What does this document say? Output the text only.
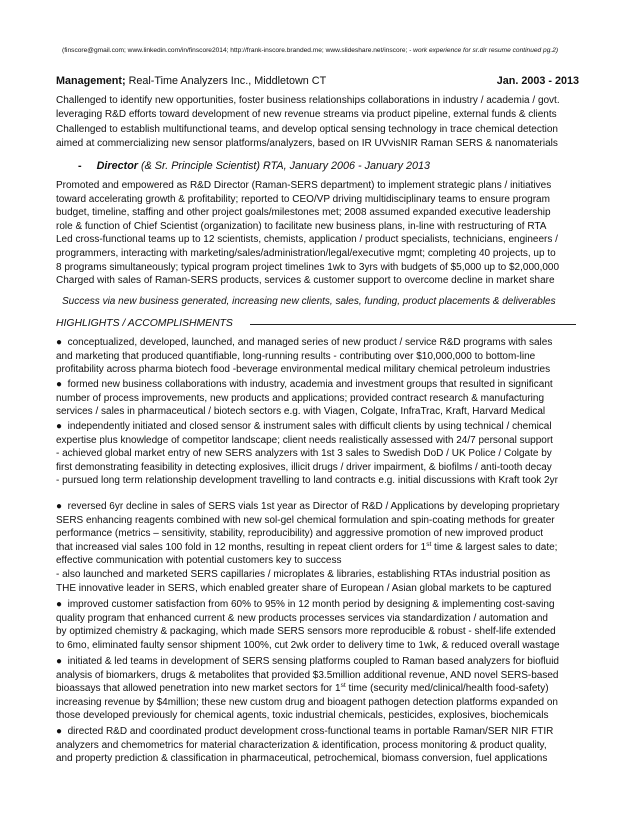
(finscore@gmail.com; www.linkedin.com/in/finscore2014; http://frank-inscore.branded.me; www.slideshare.net/inscore; - work experience for sr.dir resume continued pg.2)
Management; Real-Time Analyzers Inc., Middletown CT	Jan. 2003 - 2013
Challenged to identify new opportunities, foster business relationships collaborations in industry / academia / govt.
leveraging R&D efforts toward development of new revenue streams via product pipeline, external funds & clients
Challenged to establish multifunctional teams, and develop optical sensing technology in trace chemical detection
aimed at commercializing new sensor platforms/analyzers, based on IR UVvisNIR Raman SERS & nanomaterials
- Director (& Sr. Principle Scientist) RTA, January 2006 - January 2013
Promoted and empowered as R&D Director (Raman-SERS department) to implement strategic plans / initiatives
toward accelerating growth & profitability; reported to CEO/VP driving multidisciplinary teams to ensure program
budget, timeline, staffing and other project goals/milestones met; 2008 assumed expanded executive leadership
role & function of Chief Scientist (organization) to facilitate new business plans, in-line with restructuring of RTA
Led cross-functional teams up to 12 scientists, chemists, application / product specialists, technicians, engineers /
programmers, interacting with marketing/sales/administration/legal/executive mgmt; completing 40 projects, up to
8 programs simultaneously; typical program project timelines 1wk to 3yrs with budgets of $5,000 up to $2,000,000
Charged with sales of Raman-SERS products, services & customer support to overcome decline in market share
Success via new business generated, increasing new clients, sales, funding, product placements & deliverables
HIGHLIGHTS / ACCOMPLISHMENTS
● conceptualized, developed, launched, and managed series of new product / service R&D programs with sales
and marketing that produced quantifiable, long-running results - contributing over $10,000,000 to bottom-line
profitability across pharma biotech food -beverage environmental medical military chemical petroleum industries
● formed new business collaborations with industry, academia and investment groups that resulted in significant
number of process improvements, new products and applications; provided contract research & manufacturing
services / sales in pharmaceutical / biotech sectors e.g. with Viagen, Colgate, InfraTrac, Kraft, Harvard Medical
● independently initiated and closed sensor & instrument sales with difficult clients by using technical / chemical
expertise plus knowledge of competitor landscape; client needs realistically assessed with 24/7 personal support
- achieved global market entry of new SERS analyzers with 1st 3 sales to Swedish DoD / UK Police / Colgate by
first demonstrating feasibility in detecting explosives, illicit drugs / driver impairment, & biofilms / anti-tooth decay
- pursued long term relationship development travelling to land contracts e.g. initial discussions with Kraft took 2yr
● reversed 6yr decline in sales of SERS vials 1st year as Director of R&D / Applications by developing proprietary
SERS enhancing reagents combined with new sol-gel chemical formulation and spin-coating methods for greater
performance (metrics – sensitivity, stability, reproducibility) and aggressive promotion of new improved product
that increased vial sales 100 fold in 12 months, resulting in repeat client orders for 1st time & largest sales to date;
effective communication with potential customers key to success
- also launched and marketed SERS capillaries / microplates & libraries, establishing RTAs industrial position as
THE innovative leader in SERS, which enabled greater share of European / Asian global markets to be captured
● improved customer satisfaction from 60% to 95% in 12 month period by designing & implementing cost-saving
quality program that enhanced current & new products processes services via standardization / automation and
by optimized chemistry & packaging, which made SERS sensors more reproducible & robust - shelf-life extended
to 6mo, eliminated faulty sensor shipment 100%, cut 2wk order to delivery time to 1wk, & reduced overall wastage
● initiated & led teams in development of SERS sensing platforms coupled to Raman based analyzers for biofluid
analysis of biomarkers, drugs & metabolites that provided $3.5million additional revenue, AND novel SERS-based
bioassays that allowed penetration into new market sectors for 1st time (security med/clinical/health food-safety)
increasing revenue by $4million; these new custom drug and bioagent pathogen detection platforms expanded on
those developed previously for chemical agents, toxic industrial chemicals, pesticides, explosives, biochemicals
● directed R&D and coordinated product development cross-functional teams in portable Raman/SER NIR FTIR
analyzers and chemometrics for material characterization & identification, process monitoring & product quality,
and property prediction & classification in pharmaceutical, petrochemical, biomass conversion, fuel applications
